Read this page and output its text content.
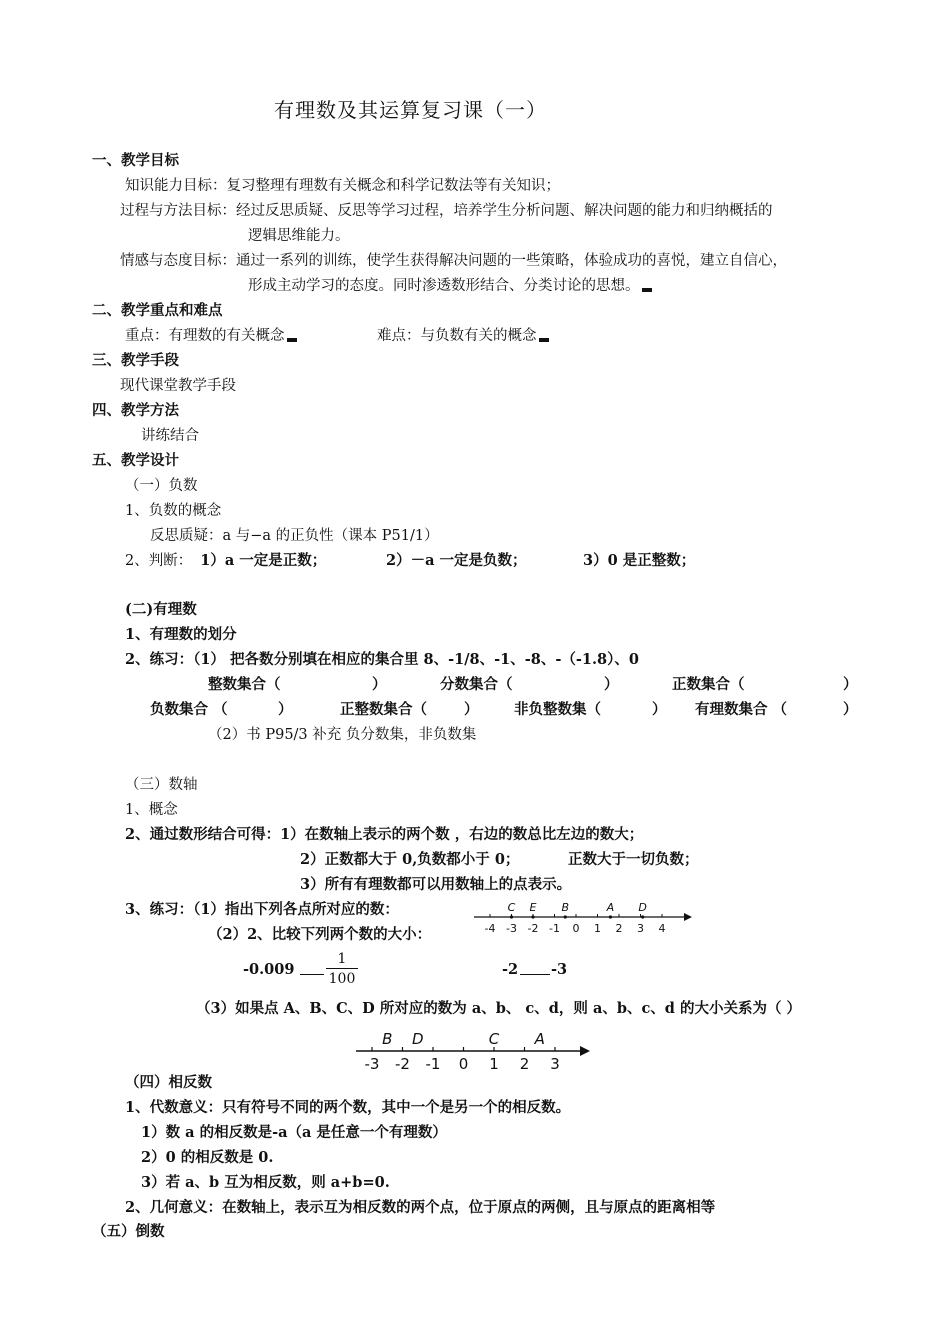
有理数及其运算复习课（一）
一、教学目标
知识能力目标：复习整理有理数有关概念和科学记数法等有关知识；
过程与方法目标：经过反思质疑、反思等学习过程，培养学生分析问题、解决问题的能力和归纳概括的
逻辑思维能力。
情感与态度目标：通过一系列的训练，使学生获得解决问题的一些策略，体验成功的喜悦，建立自信心，
形成主动学习的态度。同时渗透数形结合、分类讨论的思想。
二、教学重点和难点
重点：有理数的有关概念	难点：与负数有关的概念
三、教学手段
现代课堂教学手段
四、教学方法
讲练结合
五、教学设计
（一）负数
1、负数的概念
反思质疑：a 与−a 的正负性（课本 P51/1）
2、判断： 1）a 一定是正数；	2）－a 一定是负数；	3）0 是正整数；
(二)有理数
1、有理数的划分
2、练习：（1） 把各数分别填在相应的集合里 8、-1/8、-1、-8、-（-1.8）、0
整数集合（	）	分数集合（	）	正数集合（	）
负数集合 （	）	正整数集合（	） 非负整数集（	） 有理数集合 （	）
（2）书 P95/3 补充 负分数集，非负数集
（三）数轴
1、概念
2、通过数形结合可得：1）在数轴上表示的两个数 ，右边的数总比左边的数大；
2）正数都大于 0,负数都小于 0；	正数大于一切负数；
3）所有有理数都可以用数轴上的点表示。
3、练习：（1）指出下列各点所对应的数：
-4 -3 -2 -1 0 1 2 3 4
C E B	A D
（2）2、比较下列两个数的大小：
$-0.009 \frac{1}{100}$	-2 -3
（3）如果点 A、B、C、D 所对应的数为 a、b、 c、d，则 a、b、c、d 的大小关系为（ ）
-3 -2 -1 0 1 2 3
B D	C A
（四）相反数
1、代数意义：只有符号不同的两个数，其中一个是另一个的相反数。
1）数 a 的相反数是-a（a 是任意一个有理数）
2）0 的相反数是 0.
3）若 a、b 互为相反数，则 a+b=0.
2、几何意义：在数轴上，表示互为相反数的两个点，位于原点的两侧，且与原点的距离相等
（五）倒数
